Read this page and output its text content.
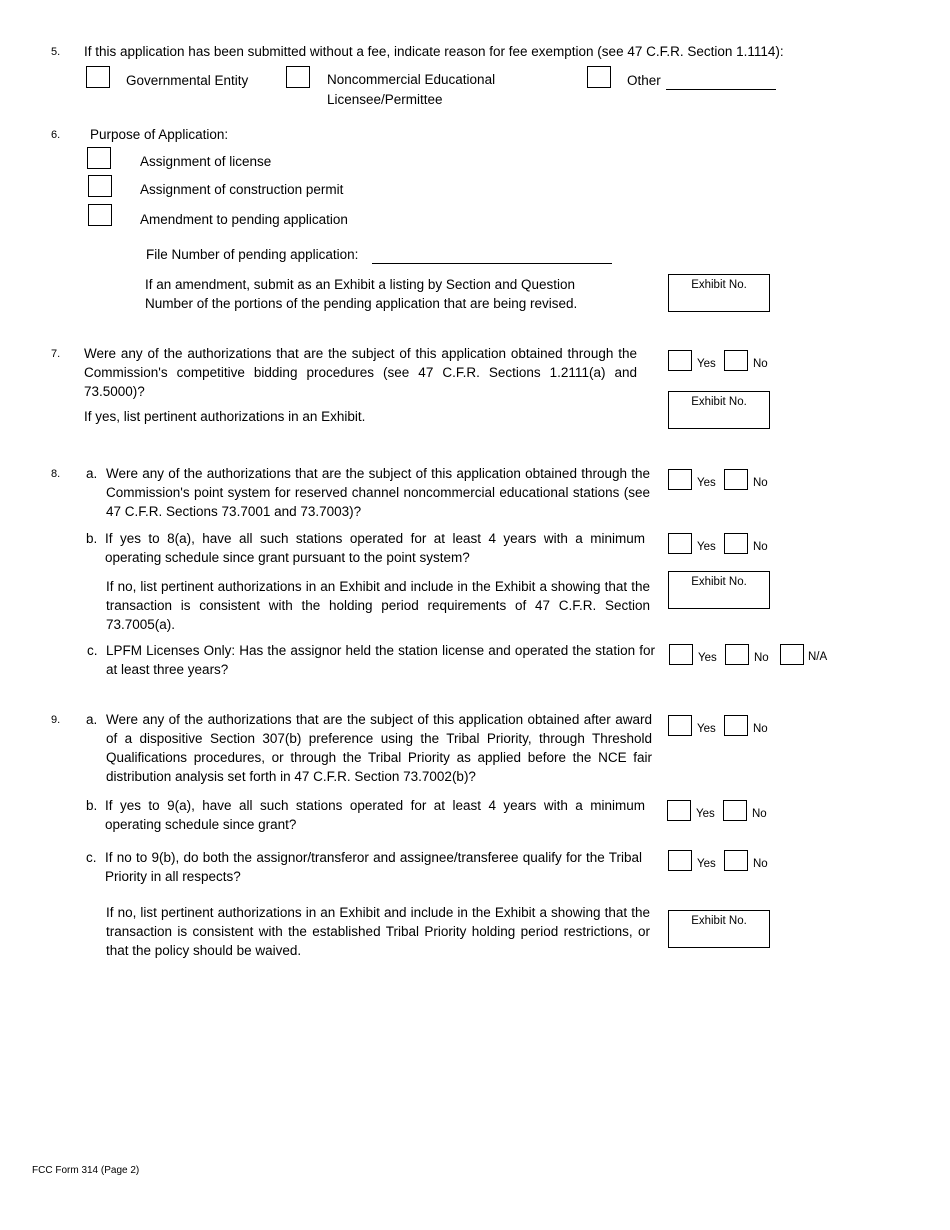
5. If this application has been submitted without a fee, indicate reason for fee exemption (see 47 C.F.R. Section 1.1114):
Governmental Entity	Noncommercial Educational
Licensee/Permittee
Other
6. Purpose of Application:
Assignment of license
Assignment of construction permit
Amendment to pending application
File Number of pending application:
If an amendment, submit as an Exhibit a listing by Section and Question
Number of the portions of the pending application that are being revised.
Exhibit No.
7. Were any of the authorizations that are the subject of this application obtained through the Commission's competitive bidding procedures (see 47 C.F.R. Sections 1.2111(a) and 73.5000)?
If yes, list pertinent authorizations in an Exhibit.
Yes	No
Exhibit No.
8. a. Were any of the authorizations that are the subject of this application obtained through the Commission's point system for reserved channel noncommercial educational stations (see 47 C.F.R. Sections 73.7001 and 73.7003)?
Yes	No
b. If yes to 8(a), have all such stations operated for at least 4 years with a minimum operating schedule since grant pursuant to the point system?
Yes	No
If no, list pertinent authorizations in an Exhibit and include in the Exhibit a showing that the transaction is consistent with the holding period requirements of 47 C.F.R. Section 73.7005(a).
Exhibit No.
c. LPFM Licenses Only: Has the assignor held the station license and operated the station for at least three years?
Yes	No	N/A
9. a. Were any of the authorizations that are the subject of this application obtained after award of a dispositive Section 307(b) preference using the Tribal Priority, through Threshold Qualifications procedures, or through the Tribal Priority as applied before the NCE fair distribution analysis set forth in 47 C.F.R. Section 73.7002(b)?
Yes	No
b. If yes to 9(a), have all such stations operated for at least 4 years with a minimum operating schedule since grant?
Yes	No
c. If no to 9(b), do both the assignor/transferor and assignee/transferee qualify for the Tribal Priority in all respects?
Yes	No
If no, list pertinent authorizations in an Exhibit and include in the Exhibit a showing that the transaction is consistent with the established Tribal Priority holding period restrictions, or that the policy should be waived.
Exhibit No.
FCC Form 314 (Page 2)
